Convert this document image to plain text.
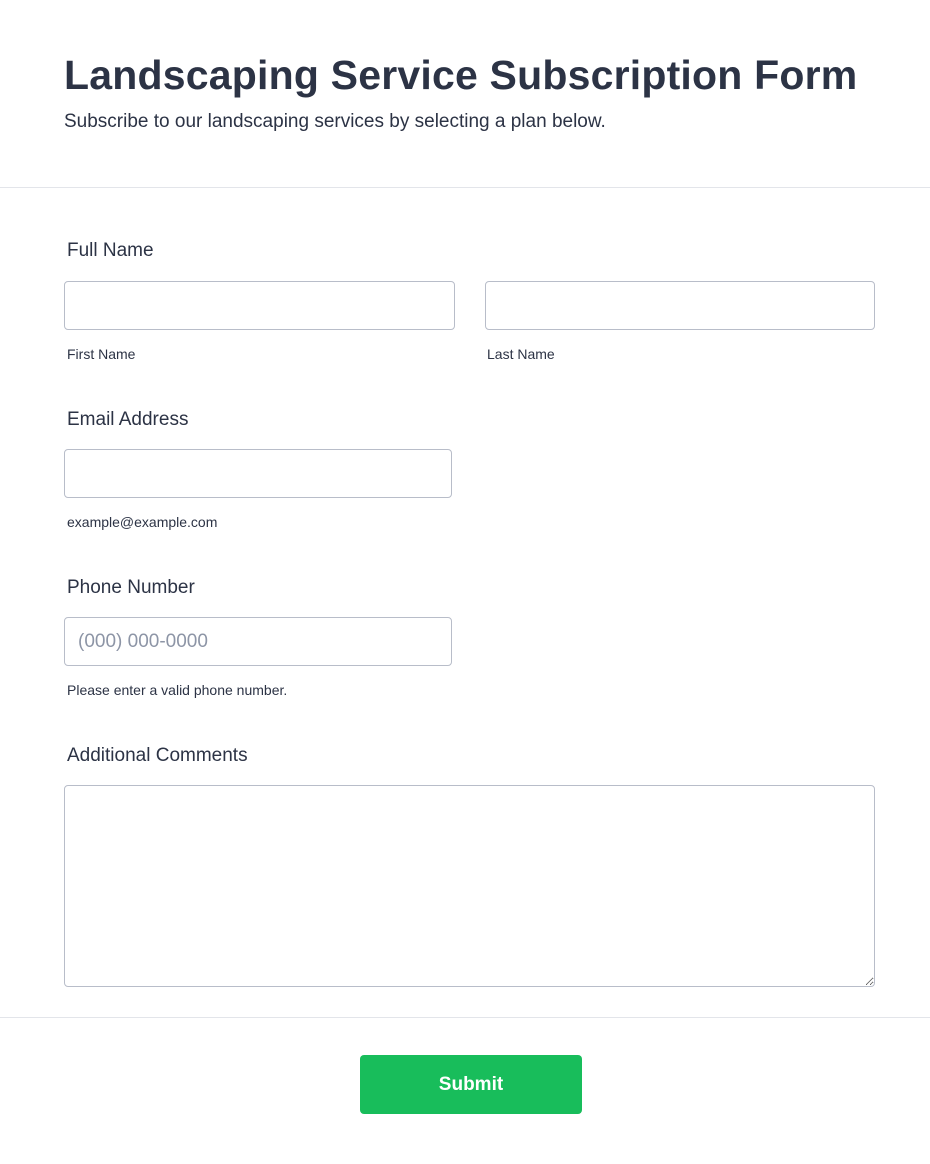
Landscaping Service Subscription Form

Subscribe to our landscaping services by selecting a plan below.

Full Name
First Name	Last Name
Email Address
example@example.com
Phone Number
(000) 000-0000
Please enter a valid phone number.
Additional Comments
Submit
